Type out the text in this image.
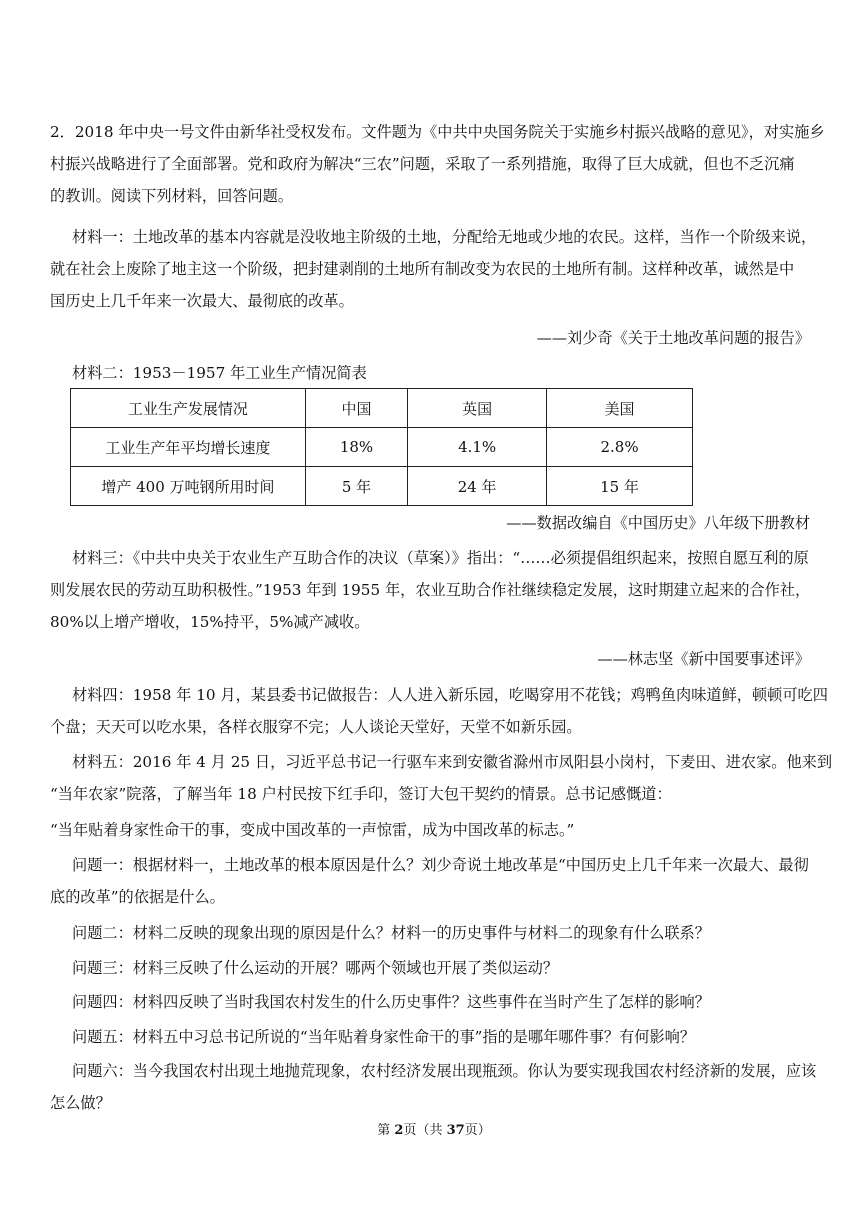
2．2018 年中央一号文件由新华社受权发布。文件题为《中共中央国务院关于实施乡村振兴战略的意见》，对实施乡
村振兴战略进行了全面部署。党和政府为解决“三农”问题，采取了一系列措施，取得了巨大成就，但也不乏沉痛
的教训。阅读下列材料，回答问题。
材料一：土地改革的基本内容就是没收地主阶级的土地，分配给无地或少地的农民。这样，当作一个阶级来说，
就在社会上废除了地主这一个阶级，把封建剥削的土地所有制改变为农民的土地所有制。这样种改革，诚然是中
国历史上几千年来一次最大、最彻底的改革。
——刘少奇《关于土地改革问题的报告》
材料二：1953－1957 年工业生产情况简表
工业生产发展情况	中国	英国	美国
工业生产年平均增长速度	18%	4.1%	2.8%
增产 400 万吨钢所用时间	5 年	24 年	15 年
——数据改编自《中国历史》八年级下册教材
材料三：《中共中央关于农业生产互助合作的决议（草案）》指出：“……必须提倡组织起来，按照自愿互利的原
则发展农民的劳动互助积极性。”1953 年到 1955 年，农业互助合作社继续稳定发展，这时期建立起来的合作社，
80%以上增产增收，15%持平，5%减产减收。
——林志坚《新中国要事述评》
材料四：1958 年 10 月，某县委书记做报告：人人进入新乐园，吃喝穿用不花钱；鸡鸭鱼肉味道鲜，顿顿可吃四
个盘；天天可以吃水果，各样衣服穿不完；人人谈论天堂好，天堂不如新乐园。
材料五：2016 年 4 月 25 日，习近平总书记一行驱车来到安徽省滁州市凤阳县小岗村，下麦田、进农家。他来到
“当年农家”院落，了解当年 18 户村民按下红手印，签订大包干契约的情景。总书记感慨道：
“当年贴着身家性命干的事，变成中国改革的一声惊雷，成为中国改革的标志。”
问题一：根据材料一，土地改革的根本原因是什么？刘少奇说土地改革是“中国历史上几千年来一次最大、最彻
底的改革”的依据是什么。
问题二：材料二反映的现象出现的原因是什么？材料一的历史事件与材料二的现象有什么联系？
问题三：材料三反映了什么运动的开展？哪两个领域也开展了类似运动？
问题四：材料四反映了当时我国农村发生的什么历史事件？这些事件在当时产生了怎样的影响？
问题五：材料五中习总书记所说的“当年贴着身家性命干的事”指的是哪年哪件事？有何影响？
问题六：当今我国农村出现土地抛荒现象，农村经济发展出现瓶颈。你认为要实现我国农村经济新的发展，应该
怎么做？
第 2页（共 37页）
